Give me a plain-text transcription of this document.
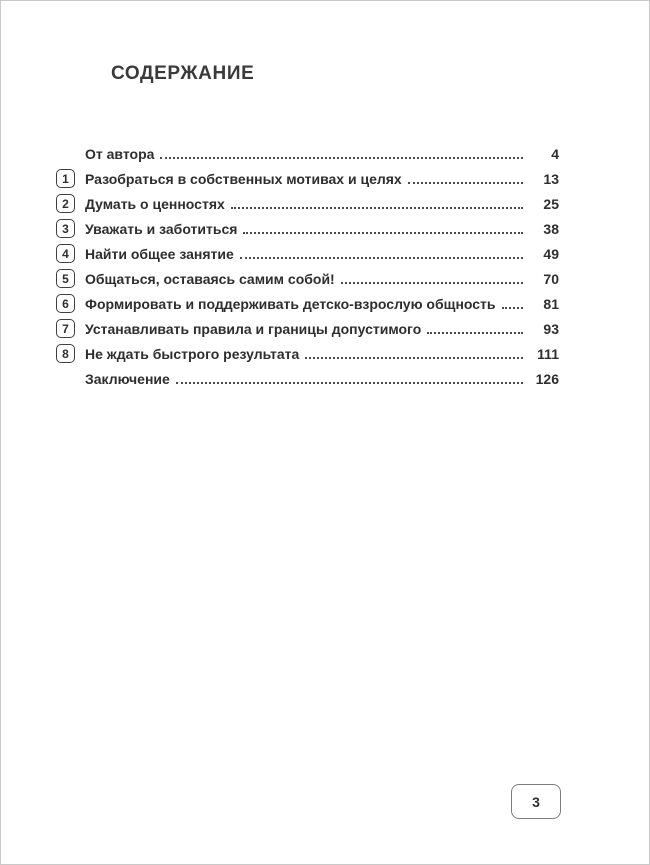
СОДЕРЖАНИЕ
От автора	4
1	Разобраться в собственных мотивах и целях	13
2	Думать о ценностях	25
3	Уважать и заботиться	38
4	Найти общее занятие	49
5	Общаться, оставаясь самим собой!	70
6	Формировать и поддерживать детско-взрослую общность	81
7	Устанавливать правила и границы допустимого	93
8	Не ждать быстрого результата	111
Заключение	126
3
